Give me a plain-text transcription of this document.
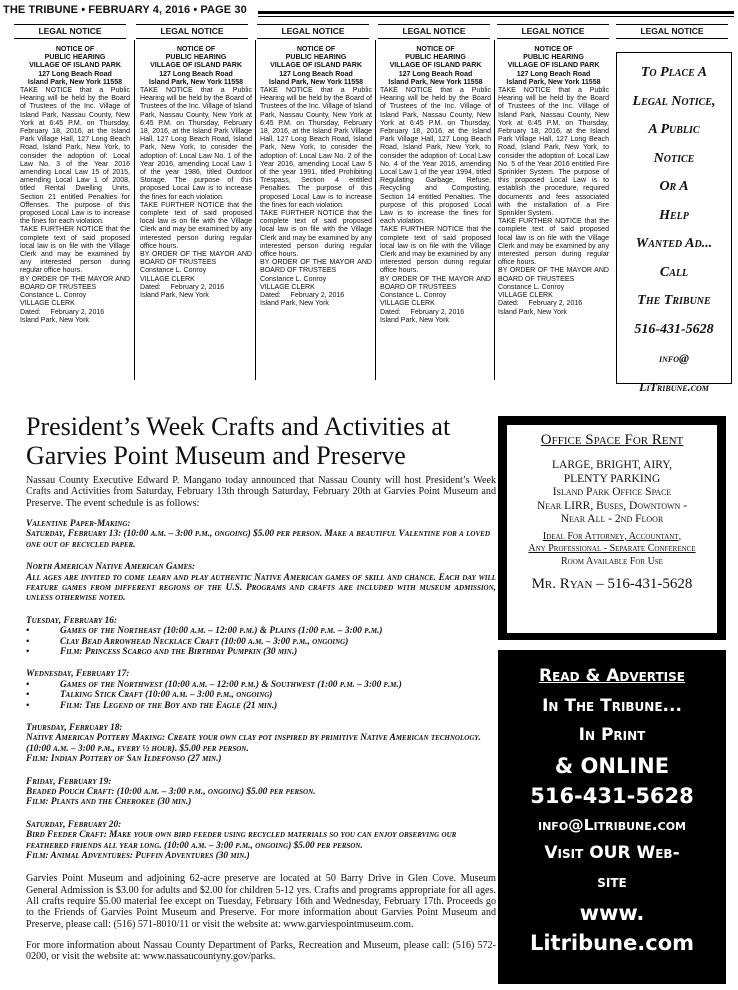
THE TRIBUNE • FEBRUARY 4, 2016 • PAGE 30
LEGAL NOTICE	LEGAL NOTICE	LEGAL NOTICE	LEGAL NOTICE	LEGAL NOTICE	LEGAL NOTICE

NOTICE OF

PUBLIC HEARING

VILLAGE OF ISLAND PARK

127 Long Beach Road

Island Park, New York 11558

TAKE NOTICE that a Public Hearing will be held by the Board of Trustees of the Inc. Village of Island Park, Nassau County, New York at 6:45 P.M. on Thursday, February 18, 2016, at the Island Park Village Hall, 127 Long Beach Road, Island Park, New York, to consider the adoption of: Local Law No. 3 of the Year 2016 amending Local Law 15 of 2015, amending Local Law 1 of 2008, titled Rental Dwelling Units, Section 21 entitled Penalties for Offenses. The purpose of this proposed Local Law is to increase the fines for each violation.

TAKE FURTHER NOTICE that the complete text of said proposed local law is on file with the Village Clerk and may be examined by any interested person during regular office hours.

BY ORDER OF THE MAYOR AND BOARD OF TRUSTEES

Constance L. Conroy

VILLAGE CLERK

Dated:     February 2, 2016

Island Park, New York

NOTICE OF

PUBLIC HEARING

VILLAGE OF ISLAND PARK

127 Long Beach Road

Island Park, New York 11558

TAKE NOTICE that a Public Hearing will be held by the Board of Trustees of the Inc. Village of Island Park, Nassau County, New York at 6:45 P.M. on Thursday, February 18, 2016, at the Island Park Village Hall, 127 Long Beach Road, Island Park, New York, to consider the adoption of: Local Law No. 1 of the Year 2016, amending Local Law 1 of the year 1986, titled Outdoor Storage. The purpose of this proposed Local Law is to increase the fines for each violation.

TAKE FURTHER NOTICE that the complete text of said proposed local law is on file with the Village Clerk and may be examined by any interested person during regular office hours.

BY ORDER OF THE MAYOR AND BOARD OF TRUSTEES

Constance L. Conroy

VILLAGE CLERK

Dated:     February 2, 2016

Island Park, New York

NOTICE OF

PUBLIC HEARING

VILLAGE OF ISLAND PARK

127 Long Beach Road

Island Park, New York 11558

TAKE NOTICE that a Public Hearing will be held by the Board of Trustees of the Inc. Village of Island Park, Nassau County, New York at 6:45 P.M. on Thursday, February 18, 2016, at the Island Park Village Hall, 127 Long Beach Road, Island Park, New York, to consider the adoption of: Local Law No. 2 of the Year 2016, amending Local Law 5 of the year 1991, titled Prohibiting Trespass, Section 4 entitled Penalties. The purpose of this proposed Local Law is to increase the fines for each violation.

TAKE FURTHER NOTICE that the complete text of said proposed local law is on file with the Village Clerk and may be examined by any interested person during regular office hours.

BY ORDER OF THE MAYOR AND BOARD OF TRUSTEES

Constance L. Conroy

VILLAGE CLERK

Dated:     February 2, 2016

Island Park, New York

NOTICE OF

PUBLIC HEARING

VILLAGE OF ISLAND PARK

127 Long Beach Road

Island Park, New York 11558

TAKE NOTICE that a Public Hearing will be held by the Board of Trustees of the Inc. Village of Island Park, Nassau County, New York at 6:45 P.M. on Thursday, February 18, 2016, at the Island Park Village Hall, 127 Long Beach Road, Island Park, New York, to consider the adoption of: Local Law No. 4 of the Year 2016, amending Local Law 1 of the year 1994, titled Regulating Garbage, Refuse, Recycling and Composting, Section 14 entitled Penalties. The purpose of this proposed Local Law is to increase the fines for each violation.

TAKE FURTHER NOTICE that the complete text of said proposed local law is on file with the Village Clerk and may be examined by any interested person during regular office hours.

BY ORDER OF THE MAYOR AND BOARD OF TRUSTEES

Constance L. Conroy

VILLAGE CLERK

Dated:     February 2, 2016

Island Park, New York

NOTICE OF

PUBLIC HEARING

VILLAGE OF ISLAND PARK

127 Long Beach Road

Island Park, New York 11558

TAKE NOTICE that a Public Hearing will be held by the Board of Trustees of the Inc. Village of Island Park, Nassau County, New York at 6:45 P.M. on Thursday, February 18, 2016, at the Island Park Village Hall, 127 Long Beach Road, Island Park, New York, to consider the adoption of: Local Law No. 5 of the Year 2016 entitled Fire Sprinkler System. The purpose of this proposed Local Law is to establish the procedure, required documents and fees associated with the installation of a Fire Sprinkler System.

TAKE FURTHER NOTICE that the complete text of said proposed local law is on file with the Village Clerk and may be examined by any interested person during regular office hours.

BY ORDER OF THE MAYOR AND BOARD OF TRUSTEES

Constance L. Conroy

VILLAGE CLERK

Dated:     February 2, 2016

Island Park, New York

To Place A
Legal Notice,
A Public
Notice
Or A
Help
Wanted Ad...
Call
The Tribune
516-431-5628
info@
LiTribune.com
President’s Week Crafts and Activities at Garvies Point Museum and Preserve
Nassau County Executive Edward P. Mangano today announced that Nassau County will host President’s Week Crafts and Activities from Saturday, February 13th through Saturday, February 20th at Garvies Point Museum and Preserve. The event schedule is as follows:
Valentine Paper-Making:
Saturday, February 13: (10:00 a.m. – 3:00 p.m., ongoing) $5.00 per person. Make a beautiful Valentine for a loved one out of recycled paper.
North American Native American Games:
All ages are invited to come learn and play authentic Native American games of skill and chance. Each day will feature games from different regions of the U.S. Programs and crafts are included with museum admission, unless otherwise noted.
Tuesday, February 16:
•	Games of the Northeast (10:00 a.m. – 12:00 p.m.) & Plains (1:00 p.m. – 3:00 p.m.)
•	Clay Bead Arrowhead Necklace Craft (10:00 a.m. – 3:00 p.m., ongoing)
•	Film: Princess Scargo and the Birthday Pumpkin (30 min.)
Wednesday, February 17:
•	Games of the Northwest (10:00 a.m. – 12:00 p.m.) & Southwest (1:00 p.m. – 3:00 p.m.)
•	Talking Stick Craft (10:00 a.m. – 3:00 p.m., ongoing)
•	Film: The Legend of the Boy and the Eagle (21 min.)
Thursday, February 18:
Native American Pottery Making: Create your own clay pot inspired by primitive Native American technology. (10:00 a.m. – 3:00 p.m., every ½ hour). $5.00 per person.
Film: Indian Pottery of San Ildefonso (27 min.)
Friday, February 19:
Beaded Pouch Craft: (10:00 a.m. – 3:00 p.m., ongoing) $5.00 per person.
Film: Plants and the Cherokee (30 min.)
Saturday, February 20:
Bird Feeder Craft: Make your own bird feeder using recycled materials so you can enjoy observing our feathered friends all year long. (10:00 a.m. – 3:00 p.m., ongoing) $5.00 per person.
Film: Animal Adventures: Puffin Adventures (30 min.)
Garvies Point Museum and adjoining 62-acre preserve are located at 50 Barry Drive in Glen Cove. Museum General Admission is $3.00 for adults and $2.00 for children 5-12 yrs. Crafts and programs appropriate for all ages. All crafts require $5.00 material fee except on Tuesday, February 16th and Wednesday, February 17th. Proceeds go to the Friends of Garvies Point Museum and Preserve. For more information about Garvies Point Museum and Preserve, please call: (516) 571-8010/11 or visit the website at: www.garviespointmuseum.com.
For more information about Nassau County Department of Parks, Recreation and Museum, please call: (516) 572-0200, or visit the website at: www.nassaucountyny.gov/parks.
Office Space For Rent
LARGE, BRIGHT, AIRY,
PLENTY PARKING
Island Park Office Space
Near LIRR, Buses, Downtown -
Near All - 2nd Floor
Ideal For Attorney, Accountant,
Any Professional - Separate Conference
Room Available For Use
Mr. Ryan – 516-431-5628
Read & Advertise
In The Tribune...
In Print
& ONLINE
516-431-5628
info@Litribune.com
Visit OUR Web-
site
www.
Litribune.com
